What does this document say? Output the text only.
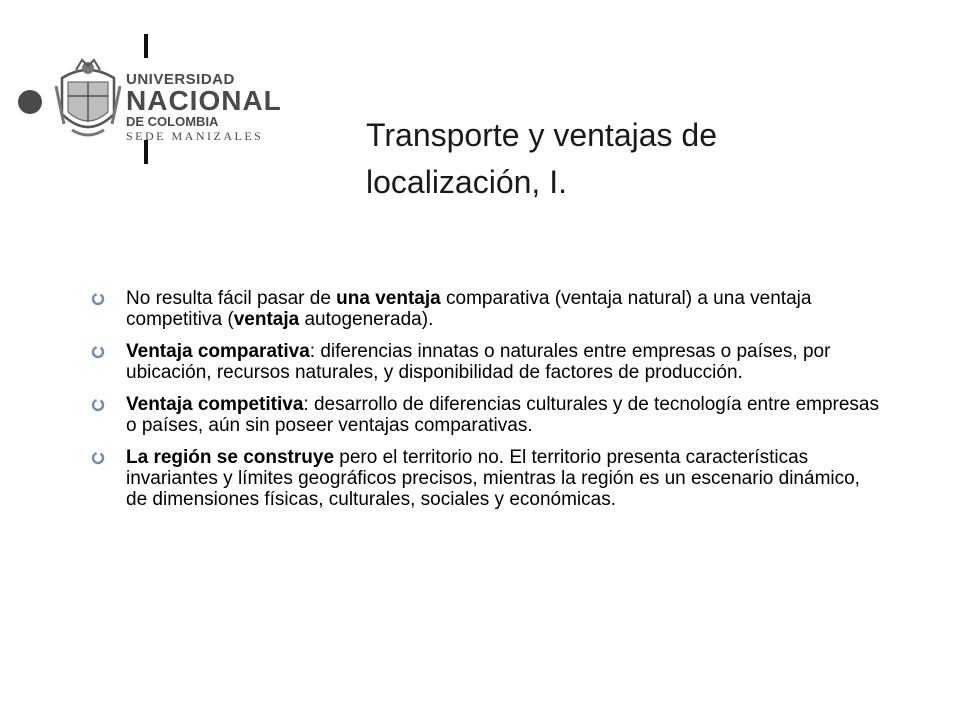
UNIVERSIDAD
NACIONAL
DE COLOMBIA
SEDE MANIZALES	Transporte y ventajas de
localización, I.
No resulta fácil pasar de una ventaja comparativa (ventaja natural) a una ventaja competitiva (ventaja autogenerada).
Ventaja comparativa: diferencias innatas o naturales entre empresas o países, por ubicación, recursos naturales, y disponibilidad de factores de producción.
Ventaja competitiva: desarrollo de diferencias culturales y de tecnología entre empresas o países, aún sin poseer ventajas comparativas.
La región se construye pero el territorio no. El territorio presenta características invariantes y límites geográficos precisos, mientras la región es un escenario dinámico, de dimensiones físicas, culturales, sociales y económicas.
